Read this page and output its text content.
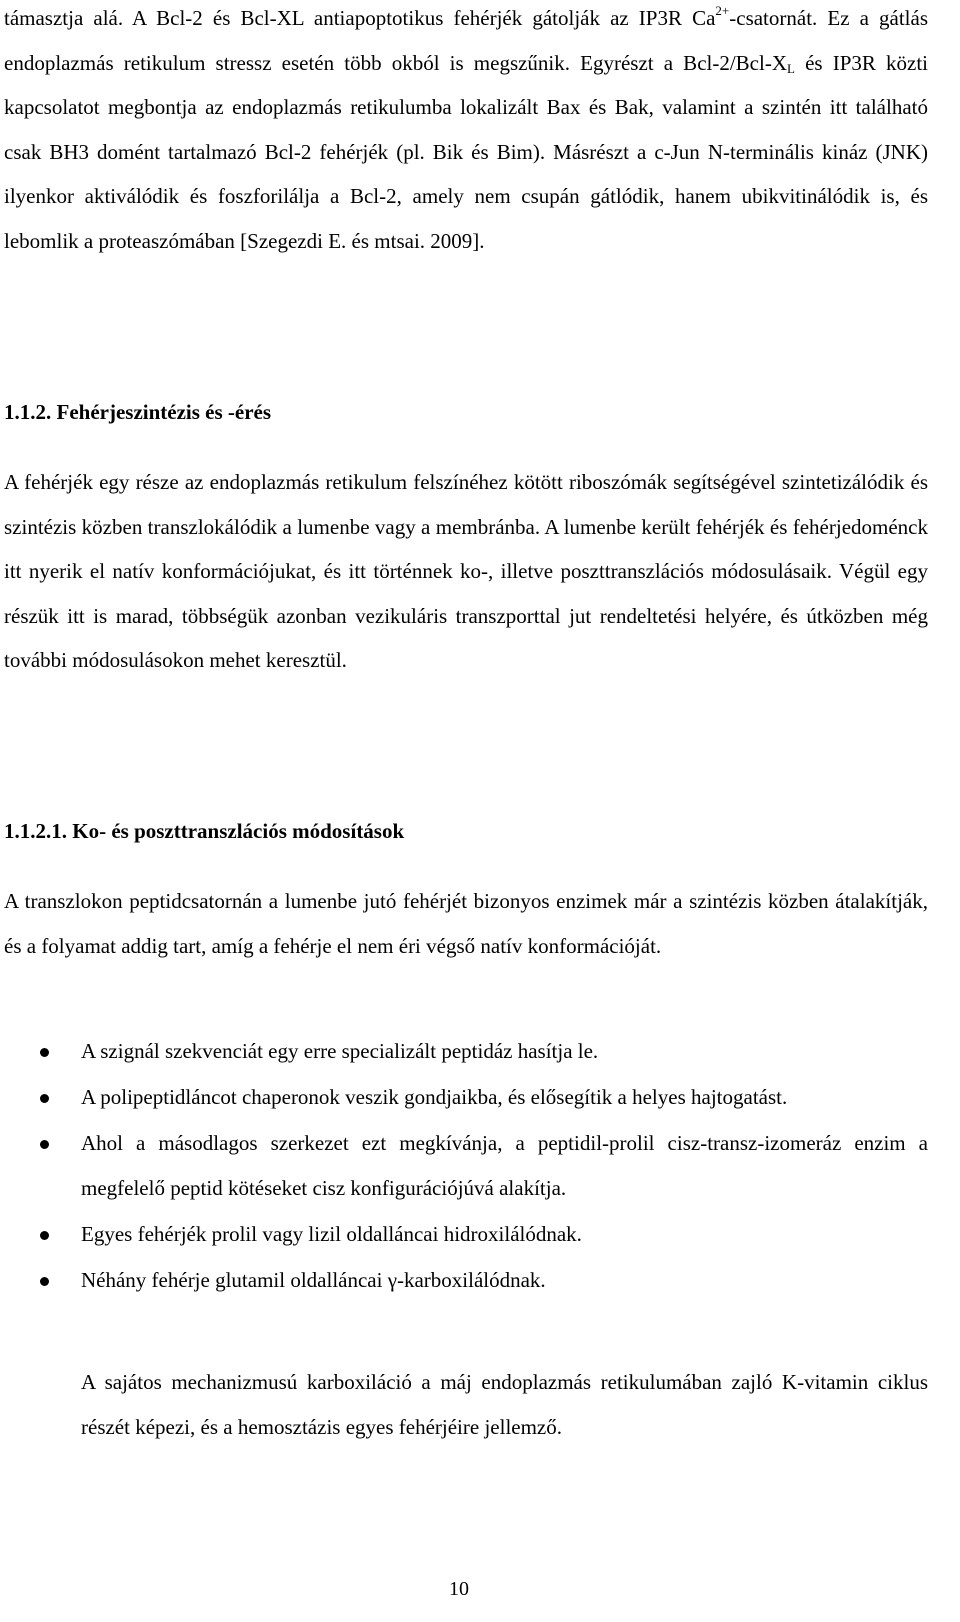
támasztja alá. A Bcl-2 és Bcl-XL antiapoptotikus fehérjék gátolják az IP3R $Ca^{2+}$-csatornát. Ez a gátlás endoplazmás retikulum stressz esetén több okból is megszűnik. Egyrészt a Bcl-$2/Bcl-X_L$ és IP3R közti kapcsolatot megbontja az endoplazmás retikulumba lokalizált Bax és Bak, valamint a szintén itt található csak BH3 domént tartalmazó Bcl-2 fehérjék (pl. Bik és Bim). Másrészt a c-Jun N-terminális kináz (JNK) ilyenkor aktiválódik és foszforilálja a Bcl-2, amely nem csupán gátlódik, hanem ubikvitinálódik is, és lebomlik a proteaszómában [Szegezdi E. és mtsai. 2009].

1.1.2. Fehérjeszintézis és -érés

A fehérjék egy része az endoplazmás retikulum felszínéhez kötött riboszómák segítségével szintetizálódik és szintézis közben transzlokálódik a lumenbe vagy a membránba. A lumenbe került fehérjék és fehérjedoménck itt nyerik el natív konformációjukat, és itt történnek ko-, illetve poszttranszlációs módosulásaik. Végül egy részük itt is marad, többségük azonban vezikuláris transzporttal jut rendeltetési helyére, és útközben még további módosulásokon mehet keresztül.

1.1.2.1. Ko- és poszttranszlációs módosítások

A transzlokon peptidcsatornán a lumenbe jutó fehérjét bizonyos enzimek már a szintézis közben átalakítják, és a folyamat addig tart, amíg a fehérje el nem éri végső natív konformációját.

A szignál szekvenciát egy erre specializált peptidáz hasítja le.
A polipeptidláncot chaperonok veszik gondjaikba, és elősegítik a helyes hajtogatást.
Ahol a másodlagos szerkezet ezt megkívánja, a peptidil-prolil cisz-transz-izomeráz enzim a megfelelő peptid kötéseket cisz konfigurációjúvá alakítja.
Egyes fehérjék prolil vagy lizil oldalláncai hidroxilálódnak.
Néhány fehérje glutamil oldalláncai γ-karboxilálódnak.

A sajátos mechanizmusú karboxiláció a máj endoplazmás retikulumában zajló K-vitamin ciklus részét képezi, és a hemosztázis egyes fehérjéire jellemző.

10
